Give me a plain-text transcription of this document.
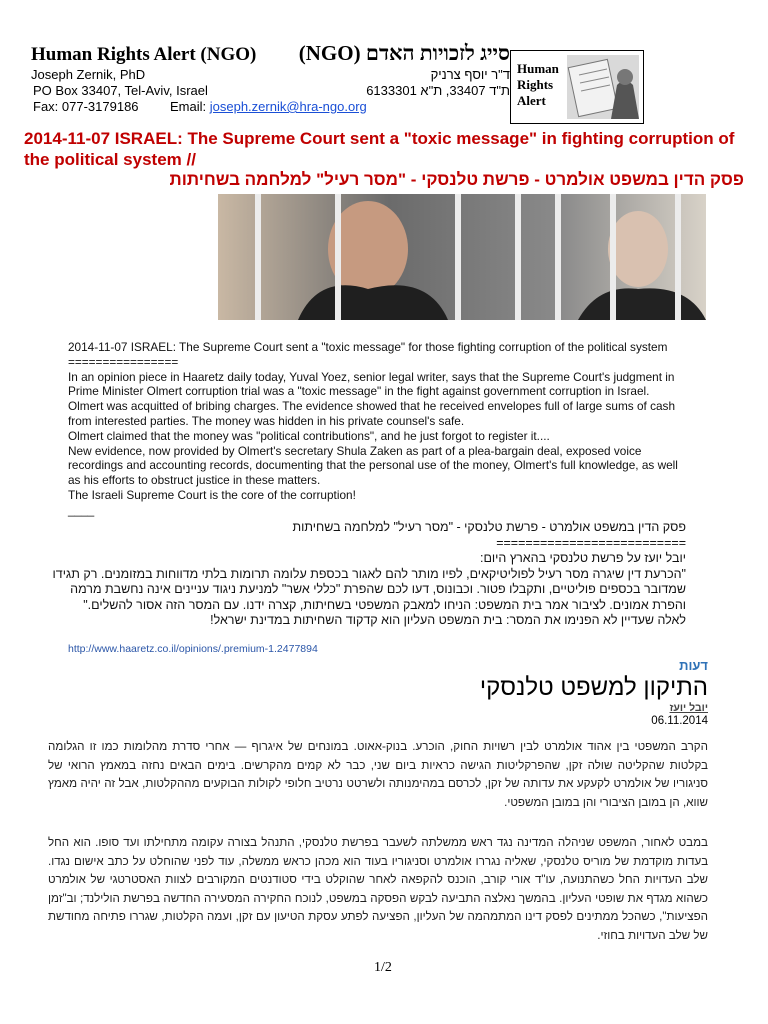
Human Rights Alert (NGO) סייג לזכויות האדם (NGO)
Joseph Zernik, PhD	ד"ר יוסף צרניק
PO Box 33407, Tel-Aviv, Israel	ת"ד 33407, ת"א 6133301
Fax: 077-3179186 Email: joseph.zernik@hra-ngo.org
Human
Rights
Alert
2014-11-07 ISRAEL: The Supreme Court sent a "toxic message" in fighting corruption of the political system //
פסק הדין במשפט אולמרט - פרשת טלנסקי - "מסר רעיל" למלחמה בשחיתות
2014-11-07 ISRAEL: The Supreme Court sent a "toxic message" for those fighting corruption of the political system
================
In an opinion piece in Haaretz daily today, Yuval Yoez, senior legal writer, says that the Supreme Court's judgment in Prime Minister Olmert corruption trial was a "toxic message" in the fight against government corruption in Israel. Olmert was acquitted of bribing charges. The evidence showed that he received envelopes full of large sums of cash from interested parties. The money was hidden in his private counsel's safe.
Olmert claimed that the money was "political contributions", and he just forgot to register it....
New evidence, now provided by Olmert's secretary Shula Zaken as part of a plea-bargain deal, exposed voice recordings and accounting records, documenting that the personal use of the money, Olmert's full knowledge, as well as his efforts to obstruct justice in these matters.
The Israeli Supreme Court is the core of the corruption!
____
פסק הדין במשפט אולמרט - פרשת טלנסקי - "מסר רעיל" למלחמה בשחיתות
==========================
יובל יועז על פרשת טלנסקי בהארץ היום:
"הכרעת דין שיגרה מסר רעיל לפוליטיקאים, לפיו מותר להם לאגור בכספת עלומה תרומות בלתי מדווחות במזומנים. רק תגידו שמדובר בכספים פוליטיים, ותקבלו פטור. וכבונוס, דעו לכם שהפרת "כללי אשר" למניעת ניגוד עניינים אינה נחשבת מרמה והפרת אמונים. לציבור אמר בית המשפט: הניחו למאבק המשפטי בשחיתות, קצרה ידנו. עם המסר הזה אסור להשלים."
לאלה שעדיין לא הפנימו את המסר: בית המשפט העליון הוא קדקוד השחיתות במדינת ישראל!
http://www.haaretz.co.il/opinions/.premium-1.2477894
דעות
התיקון למשפט טלנסקי
יובל יועז
06.11.2014
הקרב המשפטי בין אהוד אולמרט לבין רשויות החוק, הוכרע. בנוק-אאוט. במונחים של איגרוף — אחרי סדרת מהלומות כמו זו הגלומה בקלטות שהקליטה שולה זקן, שהפרקליטות הגישה כראיות ביום שני, כבר לא קמים מהקרשים. בימים הבאים נחזה במאמץ הרואי של סניגוריו של אולמרט לקעקע את עדותה של זקן, לכרסם במהימנותה ולשרטט נרטיב חלופי לקולות הבוקעים מההקלטות, אבל זה יהיה מאמץ שווא, הן במובן הציבורי והן במובן המשפטי.
במבט לאחור, המשפט שניהלה המדינה נגד ראש ממשלתה לשעבר בפרשת טלנסקי, התנהל בצורה עקומה מתחילתו ועד סופו. הוא החל בעדות מוקדמת של מוריס טלנסקי, שאליה נגררו אולמרט וסניגוריו בעוד הוא מכהן כראש ממשלה, עוד לפני שהוחלט על כתב אישום נגדו. שלב העדויות החל כשהתנועה, עו"ד אורי קורב, הוכנס להקפאה לאחר שהוקלט בידי סטודנטים המקורבים לצוות האסטרטגי של אולמרט כשהוא מגדף את שופטי העליון. בהמשך נאלצה התביעה לבקש הפסקה במשפט, לנוכח החקירה המסעירה החדשה בפרשת הולילנד; וב"זמן הפציעות", כשהכל ממתינים לפסק דינו המתמהמה של העליון, הפציעה לפתע עסקת הטיעון עם זקן, ועמה הקלטות, שגררו פתיחה מחודשת של שלב העדויות בחוזי.
1/2
